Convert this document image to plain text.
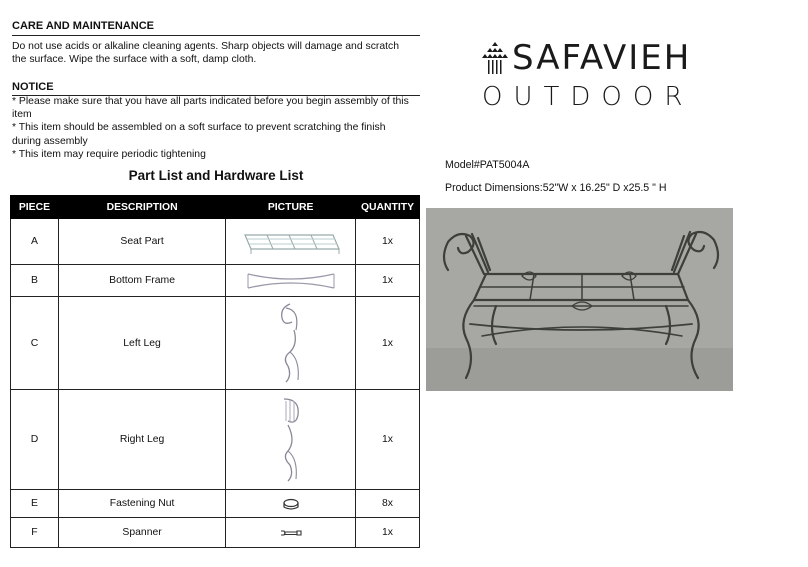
CARE AND MAINTENANCE
Do not use acids or alkaline cleaning agents. Sharp objects will damage and scratch
the surface. Wipe the surface with a soft, damp cloth.
NOTICE
* Please make sure that you have all parts indicated before you begin assembly of this
item
* This item should be assembled on a soft surface to prevent scratching the finish
during assembly
* This item may require periodic tightening
Part List and Hardware List
PIECE	DESCRIPTION	PICTURE	QUANTITY
A	Seat Part		1x
B	Bottom Frame		1x
C	Left Leg		1x
D	Right Leg		1x
E	Fastening Nut		8x
F	Spanner		1x
SAFAVIEH
OUTDOOR
Model#PAT5004A
Product Dimensions:52"W x 16.25" D x25.5 " H
